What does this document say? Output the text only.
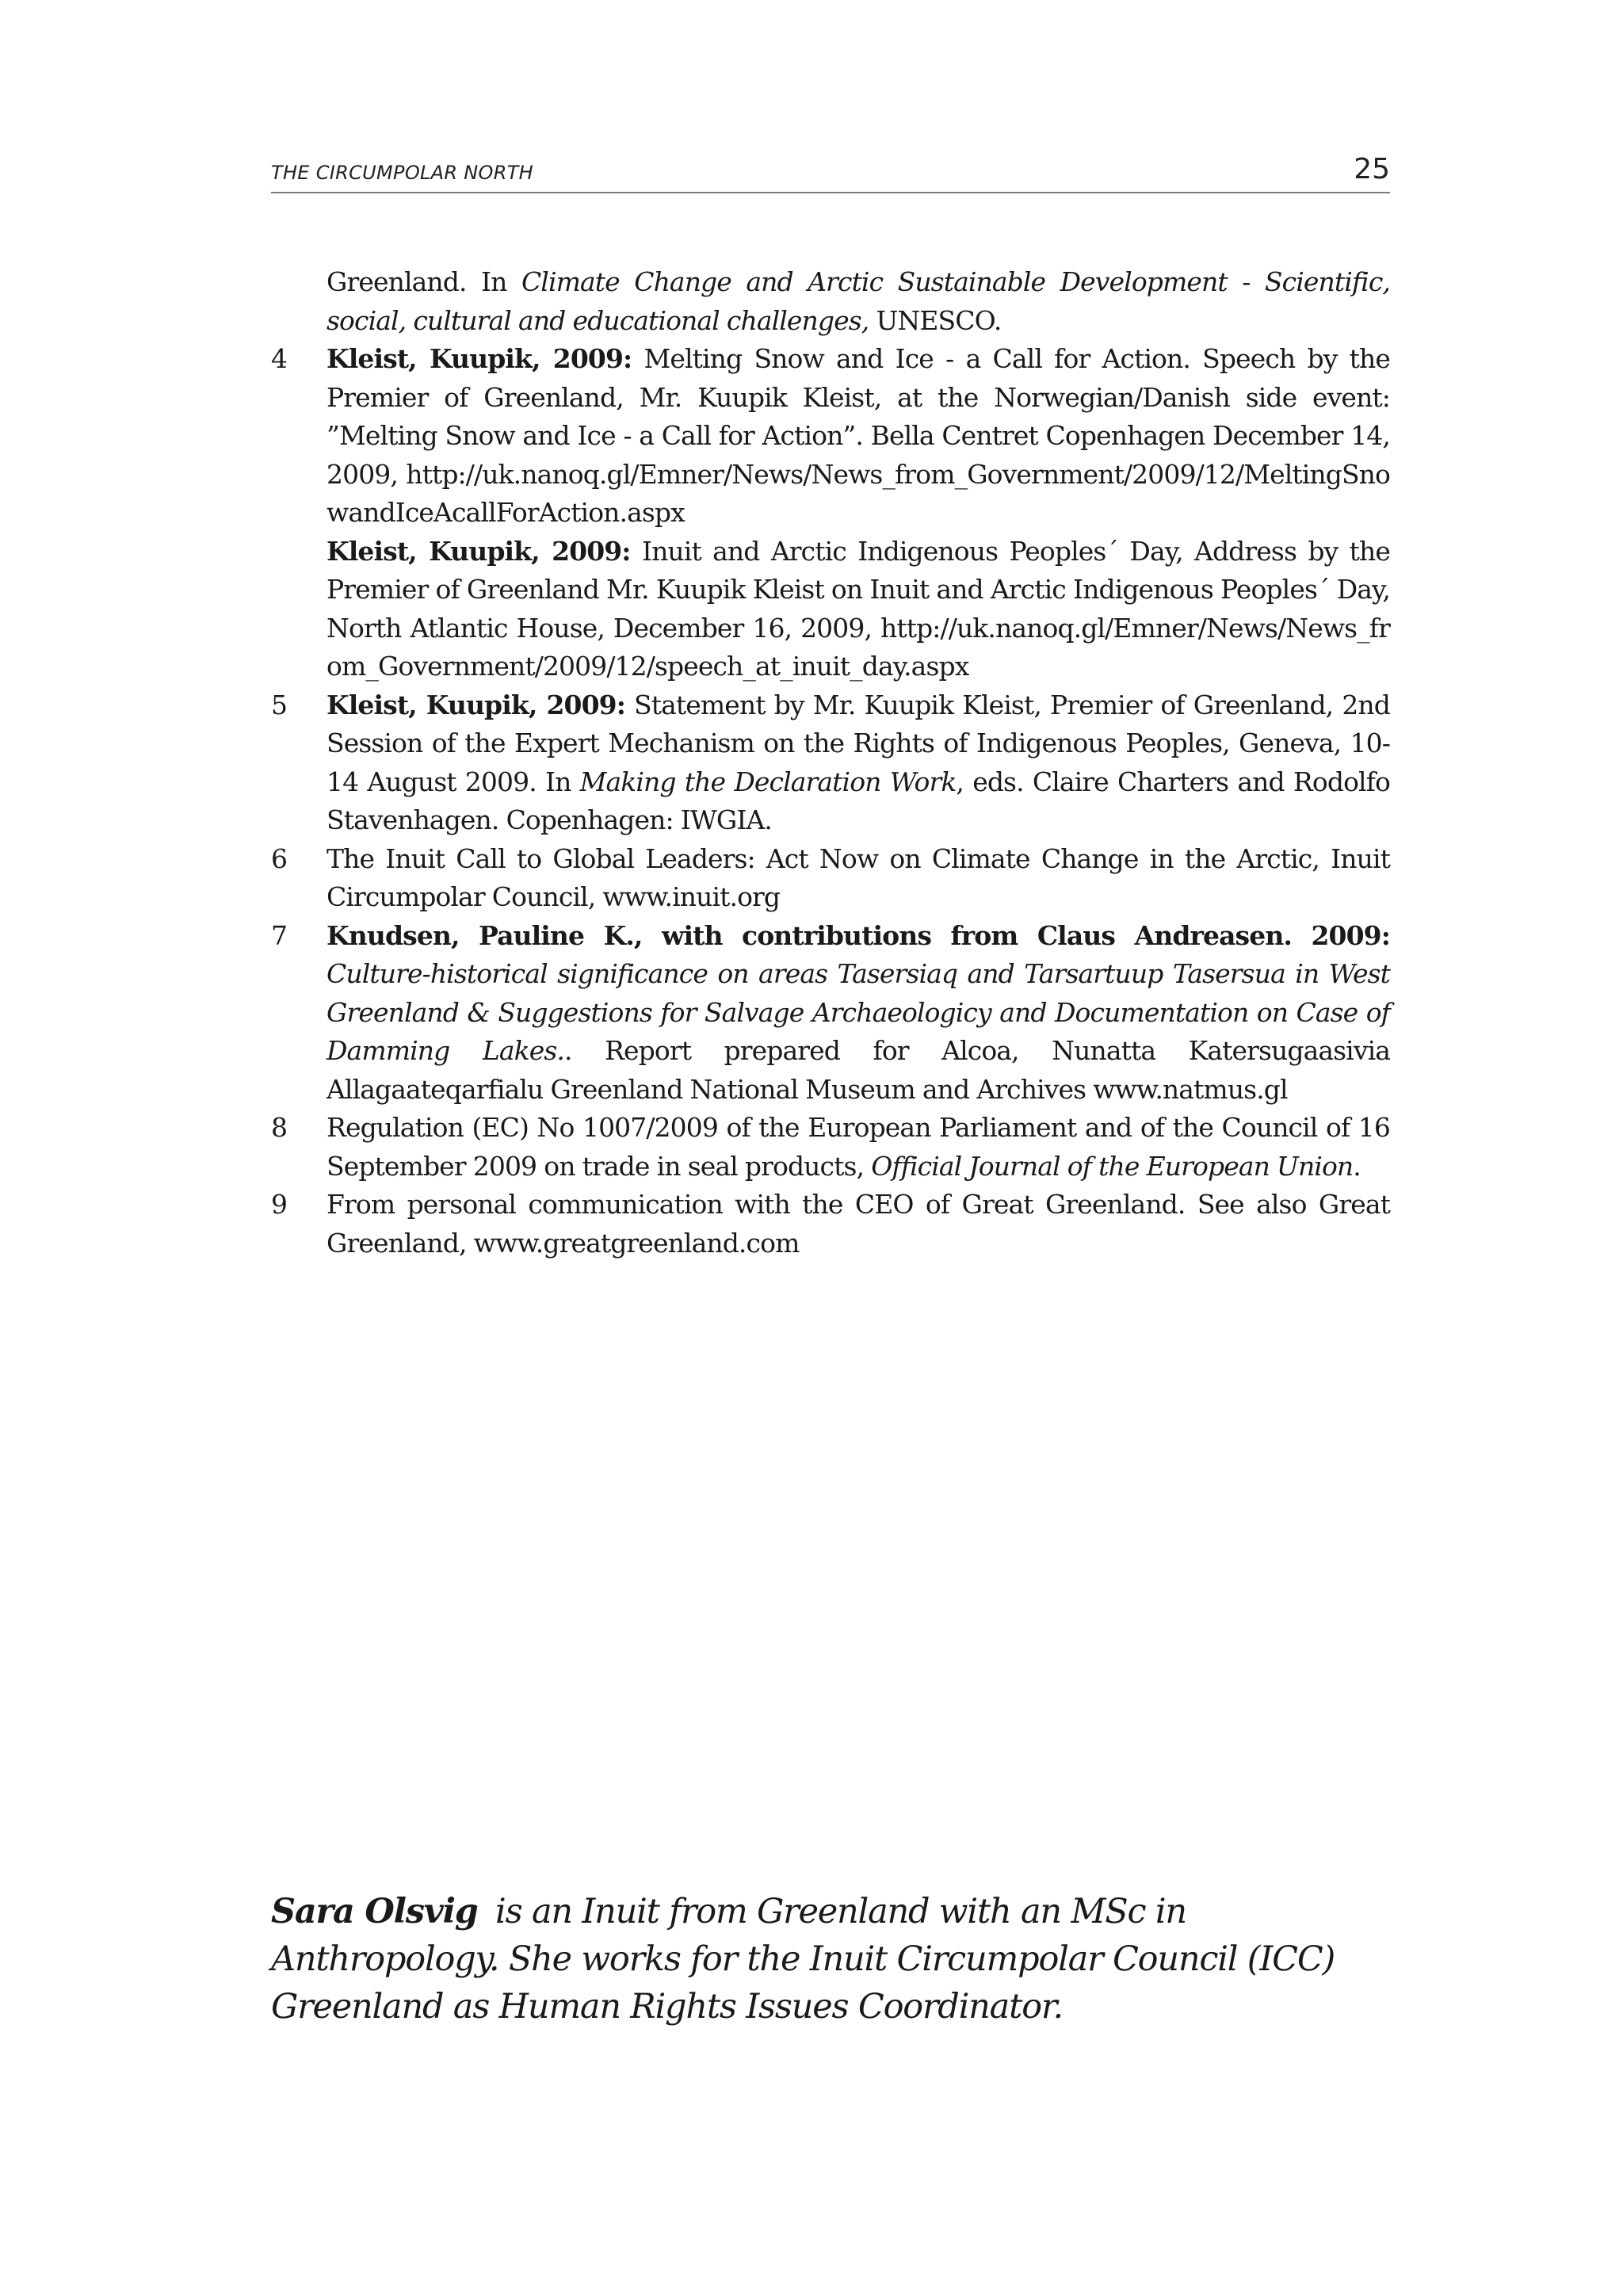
THE CIRCUMPOLAR NORTH	25

Greenland. In Climate Change and Arctic Sustainable Development - Scientific, social, cultural and educational challenges, UNESCO.

4	Kleist, Kuupik, 2009: Melting Snow and Ice - a Call for Action. Speech by the Premier of Greenland, Mr. Kuupik Kleist, at the Norwegian/Danish side event: ”Melting Snow and Ice - a Call for Action”. Bella Centret Copenhagen December 14, 2009, http://uk.nanoq.gl/Emner/News/News_from_Government/2009/12/MeltingSnowandIceAcallForAction.aspx

Kleist, Kuupik, 2009: Inuit and Arctic Indigenous Peoples´ Day, Address by the Premier of Greenland Mr. Kuupik Kleist on Inuit and Arctic Indigenous Peoples´ Day, North Atlantic House, December 16, 2009, http://uk.nanoq.gl/Emner/News/News_from_Government/2009/12/speech_at_inuit_day.aspx

5	Kleist, Kuupik, 2009: Statement by Mr. Kuupik Kleist, Premier of Greenland, 2nd Session of the Expert Mechanism on the Rights of Indigenous Peoples, Geneva, 10-14 August 2009. In Making the Declaration Work, eds. Claire Charters and Rodolfo Stavenhagen. Copenhagen: IWGIA.

6	The Inuit Call to Global Leaders: Act Now on Climate Change in the Arctic, Inuit Circumpolar Council, www.inuit.org

7	Knudsen, Pauline K., with contributions from Claus Andreasen. 2009: Culture-historical significance on areas Tasersiaq and Tarsartuup Tasersua in West Greenland & Suggestions for Salvage Archaeologicy and Documentation on Case of Damming Lakes.. Report prepared for Alcoa, Nunatta Katersugaasivia Allagaateqarfialu Greenland National Museum and Archives www.natmus.gl

8	Regulation (EC) No 1007/2009 of the European Parliament and of the Council of 16 September 2009 on trade in seal products, Official Journal of the European Union.

9	From personal communication with the CEO of Great Greenland. See also Great Greenland, www.greatgreenland.com

Sara Olsvig is an Inuit from Greenland with an MSc in Anthropology. She works for the Inuit Circumpolar Council (ICC) Greenland as Human Rights Issues Coordinator.
